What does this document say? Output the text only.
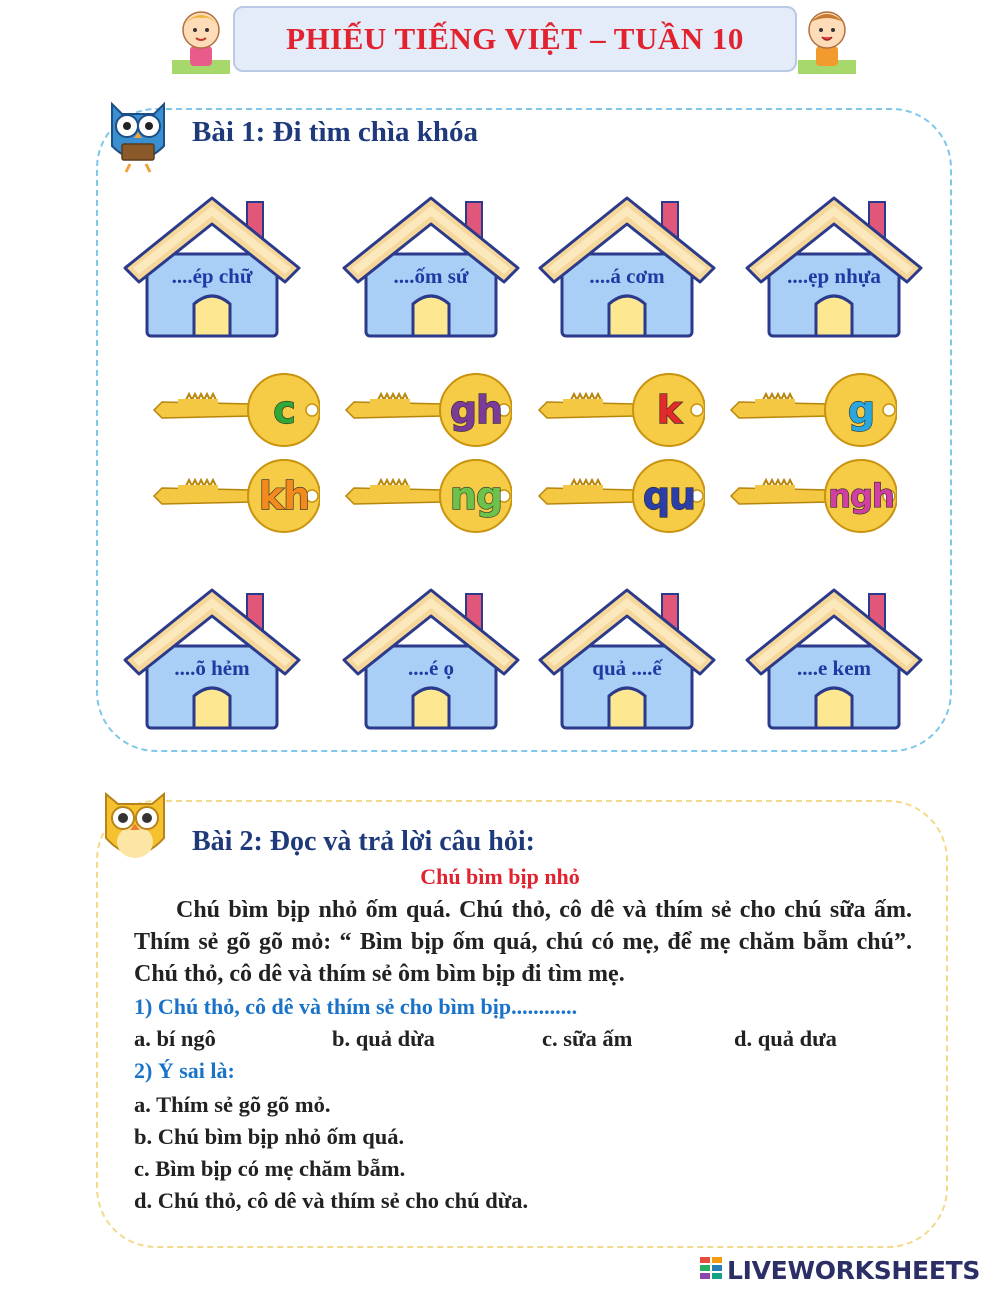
PHIẾU TIẾNG VIỆT – TUẦN 10
Bài 1: Đi tìm chìa khóa
....ép chữ	....ốm sứ	....á cơm	....ẹp nhựa
c	gh	k	g
kh	ng	qu	ngh
....õ hẻm	....é ọ	quả ....ế	....e kem
Bài 2: Đọc và trả lời câu hỏi:
Chú bìm bịp nhỏ
Chú bìm bịp nhỏ ốm quá. Chú thỏ, cô dê và thím sẻ cho chú sữa ấm. Thím sẻ gõ gõ mỏ: “ Bìm bịp ốm quá, chú có mẹ, để mẹ chăm bẵm chú”. Chú thỏ, cô dê và thím sẻ ôm bìm bịp đi tìm mẹ.
1) Chú thỏ, cô dê và thím sẻ cho bìm bịp............
a. bí ngô	b. quả dừa	c. sữa ấm	d. quả dưa
2) Ý sai là:
a. Thím sẻ gõ gõ mỏ.
b. Chú bìm bịp nhỏ ốm quá.
c. Bìm bịp có mẹ chăm bẵm.
d. Chú thỏ, cô dê và thím sẻ cho chú dừa.
LIVEWORKSHEETS
